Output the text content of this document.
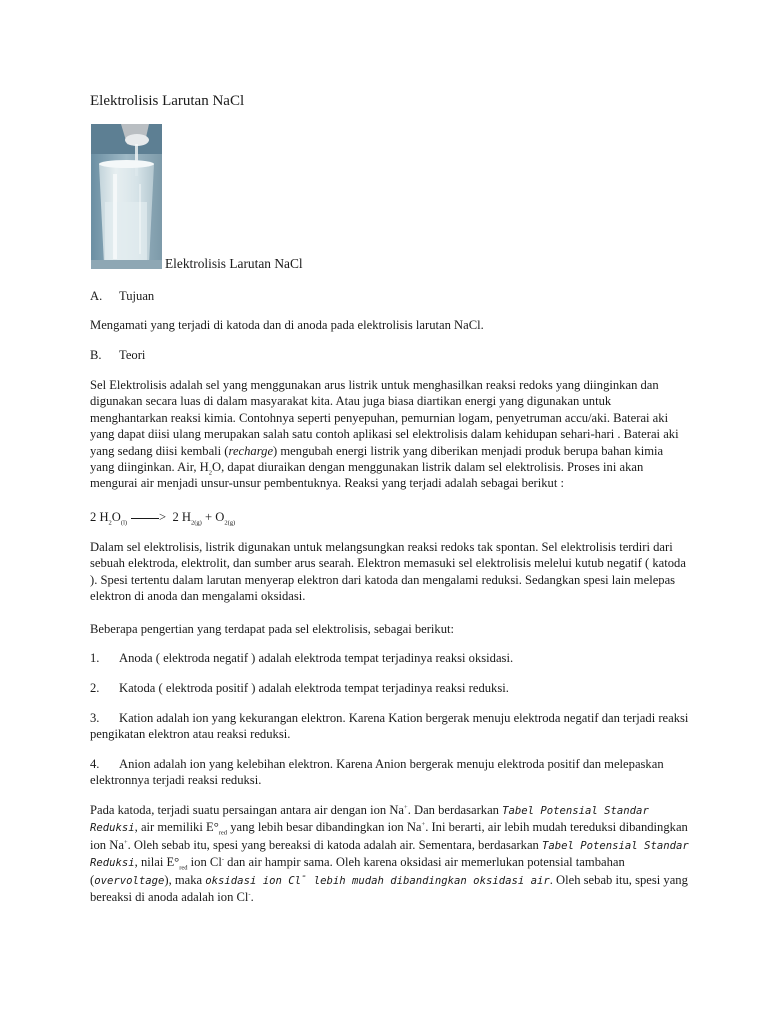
Elektrolisis Larutan NaCl
Elektrolisis Larutan NaCl
A. Tujuan
Mengamati yang terjadi di katoda dan di anoda pada elektrolisis larutan NaCl.
B. Teori
Sel Elektrolisis adalah sel yang menggunakan arus listrik untuk menghasilkan reaksi redoks yang diinginkan dan digunakan secara luas di dalam masyarakat kita. Atau juga biasa diartikan energi yang digunakan untuk menghantarkan reaksi kimia. Contohnya seperti penyepuhan, pemurnian logam, penyetruman accu/aki. Baterai aki yang dapat diisi ulang merupakan salah satu contoh aplikasi sel elektrolisis dalam kehidupan sehari-hari . Baterai aki yang sedang diisi kembali (recharge) mengubah energi listrik yang diberikan menjadi produk berupa bahan kimia yang diinginkan. Air, $H_2O$, dapat diuraikan dengan menggunakan listrik dalam sel elektrolisis. Proses ini akan mengurai air menjadi unsur-unsur pembentuknya. Reaksi yang terjadi adalah sebagai berikut :
2 $H_2O_{(l)}$	> 2 $H_{2(g)} + O_{2(g)}$
Dalam sel elektrolisis, listrik digunakan untuk melangsungkan reaksi redoks tak spontan. Sel elektrolisis terdiri dari sebuah elektroda, elektrolit, dan sumber arus searah. Elektron memasuki sel elektrolisis melelui kutub negatif ( katoda ). Spesi tertentu dalam larutan menyerap elektron dari katoda dan mengalami reduksi. Sedangkan spesi lain melepas elektron di anoda dan mengalami oksidasi.
Beberapa pengertian yang terdapat pada sel elektrolisis, sebagai berikut:
1. Anoda ( elektroda negatif ) adalah elektroda tempat terjadinya reaksi oksidasi.
2. Katoda ( elektroda positif ) adalah elektroda tempat terjadinya reaksi reduksi.
3. Kation adalah ion yang kekurangan elektron. Karena Kation bergerak menuju elektroda negatif dan terjadi reaksi pengikatan elektron atau reaksi reduksi.
4. Anion adalah ion yang kelebihan elektron. Karena Anion bergerak menuju elektroda positif dan melepaskan elektronnya terjadi reaksi reduksi.
Pada katoda, terjadi suatu persaingan antara air dengan ion Na+. Dan berdasarkan Tabel Potensial Standar Reduksi, air memiliki $E^\circ_{red}$ yang lebih besar dibandingkan ion Na+. Ini berarti, air lebih mudah tereduksi dibandingkan ion Na+. Oleh sebab itu, spesi yang bereaksi di katoda adalah air. Sementara, berdasarkan Tabel Potensial Standar Reduksi, nilai $E^\circ_{red}$ ion Cl- dan air hampir sama. Oleh karena oksidasi air memerlukan potensial tambahan (overvoltage), maka oksidasi ion Cl- lebih mudah dibandingkan oksidasi air. Oleh sebab itu, spesi yang bereaksi di anoda adalah ion Cl-.
